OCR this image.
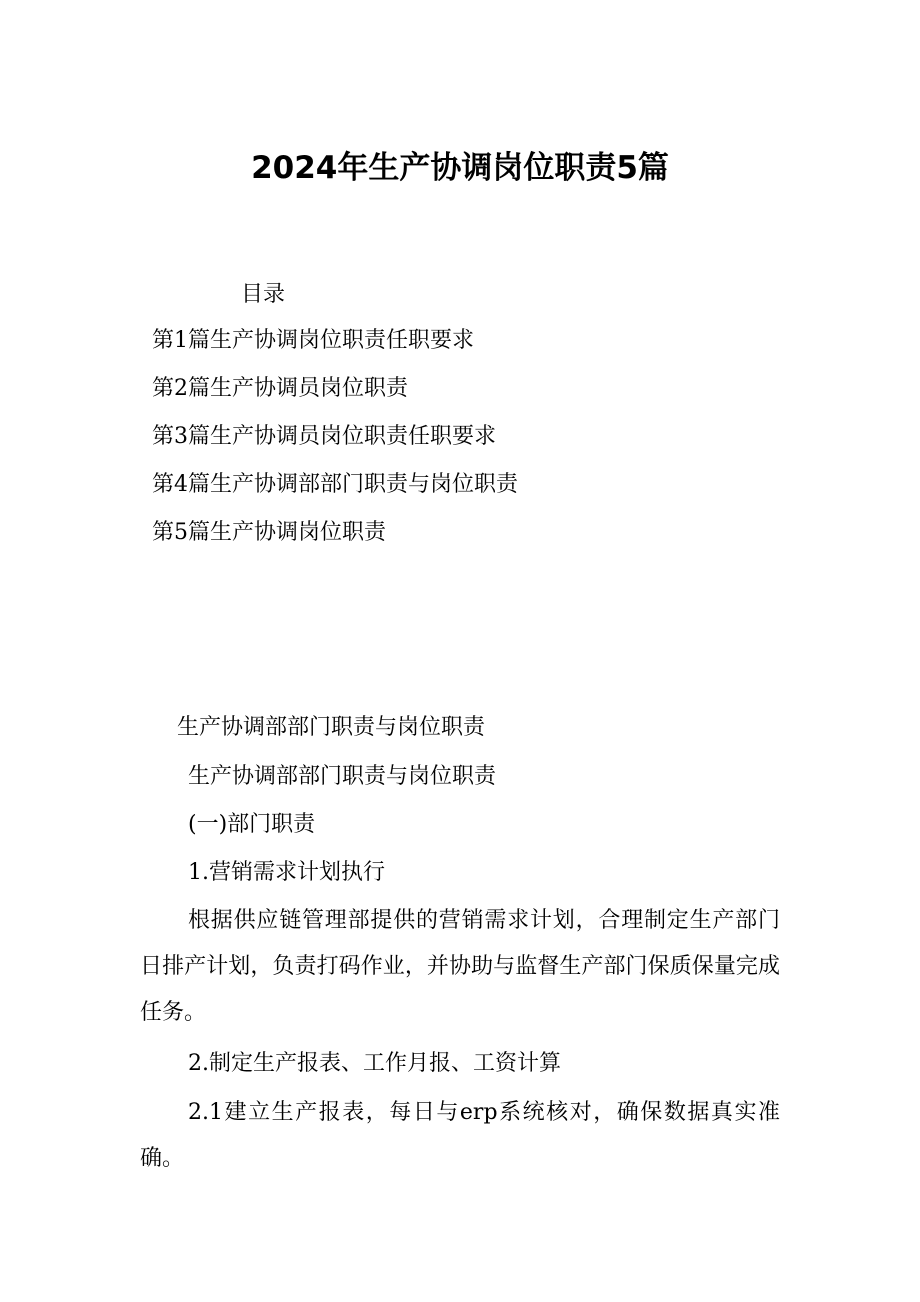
2024年生产协调岗位职责5篇

目录

第1篇生产协调岗位职责任职要求
第2篇生产协调员岗位职责
第3篇生产协调员岗位职责任职要求
第4篇生产协调部部门职责与岗位职责
第5篇生产协调岗位职责

生产协调部部门职责与岗位职责

生产协调部部门职责与岗位职责

(一)部门职责

1.营销需求计划执行

根据供应链管理部提供的营销需求计划，合理制定生产部门日排产计划，负责打码作业，并协助与监督生产部门保质保量完成任务。

2.制定生产报表、工作月报、工资计算

2.1建立生产报表，每日与erp系统核对，确保数据真实准确。
